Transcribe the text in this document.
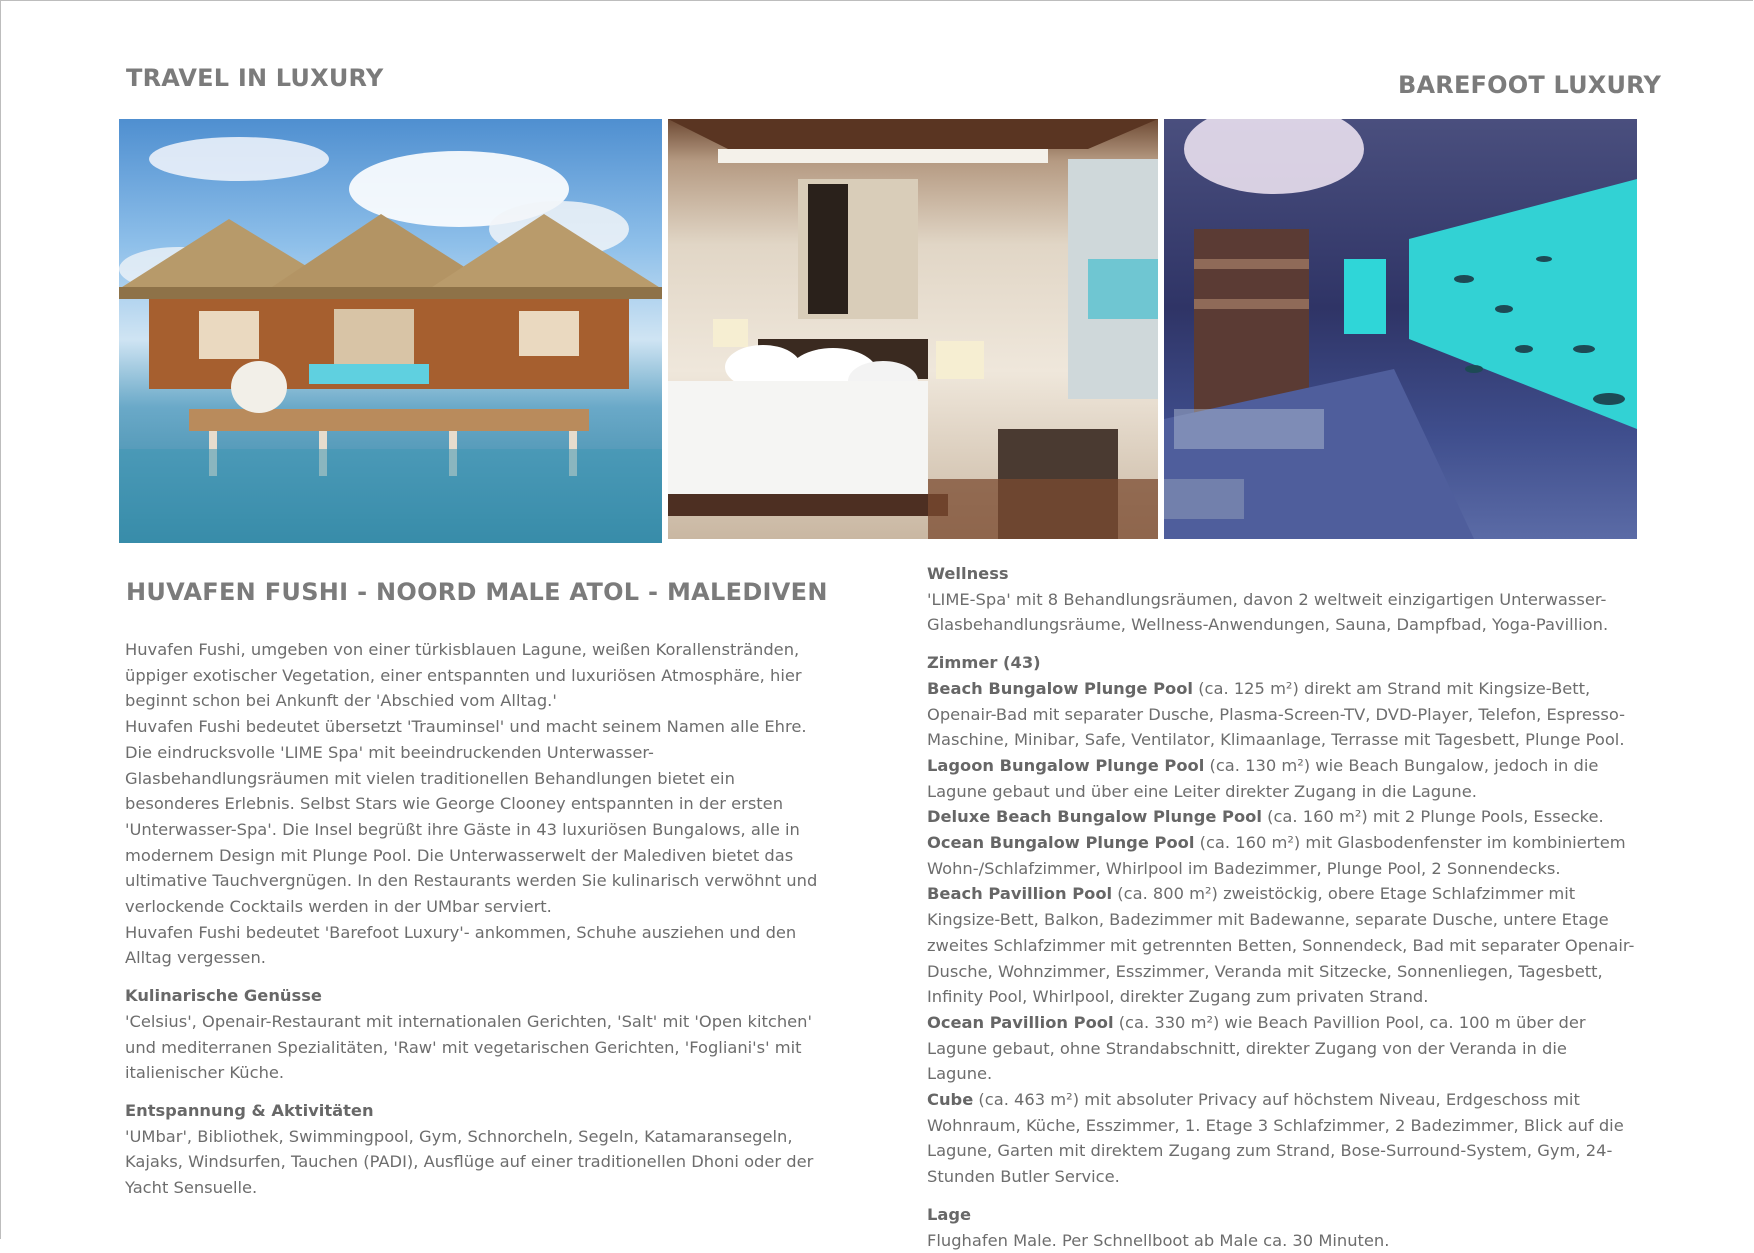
TRAVEL IN LUXURY	BAREFOOT LUXURY
HUVAFEN FUSHI - NOORD MALE ATOL - MALEDIVEN

Huvafen Fushi, umgeben von einer türkisblauen Lagune, weißen Korallenstränden, üppiger exotischer Vegetation, einer entspannten und luxuriösen Atmosphäre, hier beginnt schon bei Ankunft der 'Abschied vom Alltag.'

Huvafen Fushi bedeutet übersetzt 'Trauminsel' und macht seinem Namen alle Ehre. Die eindrucksvolle 'LIME Spa' mit beeindruckenden Unterwasser-Glasbehandlungsräumen mit vielen traditionellen Behandlungen bietet ein besonderes Erlebnis. Selbst Stars wie George Clooney entspannten in der ersten 'Unterwasser-Spa'. Die Insel begrüßt ihre Gäste in 43 luxuriösen Bungalows, alle in modernem Design mit Plunge Pool. Die Unterwasserwelt der Malediven bietet das ultimative Tauchvergnügen. In den Restaurants werden Sie kulinarisch verwöhnt und verlockende Cocktails werden in der UMbar serviert.

Huvafen Fushi bedeutet 'Barefoot Luxury'- ankommen, Schuhe ausziehen und den Alltag vergessen.

Kulinarische Genüsse

'Celsius', Openair-Restaurant mit internationalen Gerichten, 'Salt' mit 'Open kitchen' und mediterranen Spezialitäten, 'Raw' mit vegetarischen Gerichten, 'Fogliani's' mit italienischer Küche.

Entspannung & Aktivitäten

'UMbar', Bibliothek, Swimmingpool, Gym, Schnorcheln, Segeln, Katamaransegeln, Kajaks, Windsurfen, Tauchen (PADI), Ausflüge auf einer traditionellen Dhoni oder der Yacht Sensuelle.

Wellness

'LIME-Spa' mit 8 Behandlungsräumen, davon 2 weltweit einzigartigen Unterwasser-Glasbehandlungsräume, Wellness-Anwendungen, Sauna, Dampfbad, Yoga-Pavillion.

Zimmer (43)

Beach Bungalow Plunge Pool (ca. 125 m²) direkt am Strand mit Kingsize-Bett, Openair-Bad mit separater Dusche, Plasma-Screen-TV, DVD-Player, Telefon, Espresso-Maschine, Minibar, Safe, Ventilator, Klimaanlage, Terrasse mit Tagesbett, Plunge Pool.

Lagoon Bungalow Plunge Pool (ca. 130 m²) wie Beach Bungalow, jedoch in die Lagune gebaut und über eine Leiter direkter Zugang in die Lagune.

Deluxe Beach Bungalow Plunge Pool (ca. 160 m²) mit 2 Plunge Pools, Essecke.

Ocean Bungalow Plunge Pool (ca. 160 m²) mit Glasbodenfenster im kombiniertem Wohn-/Schlafzimmer, Whirlpool im Badezimmer, Plunge Pool, 2 Sonnendecks.

Beach Pavillion Pool (ca. 800 m²) zweistöckig, obere Etage Schlafzimmer mit Kingsize-Bett, Balkon, Badezimmer mit Badewanne, separate Dusche, untere Etage zweites Schlafzimmer mit getrennten Betten, Sonnendeck, Bad mit separater Openair-Dusche, Wohnzimmer, Esszimmer, Veranda mit Sitzecke, Sonnenliegen, Tagesbett, Infinity Pool, Whirlpool, direkter Zugang zum privaten Strand.

Ocean Pavillion Pool (ca. 330 m²) wie Beach Pavillion Pool, ca. 100 m über der Lagune gebaut, ohne Strandabschnitt, direkter Zugang von der Veranda in die Lagune.

Cube (ca. 463 m²) mit absoluter Privacy auf höchstem Niveau, Erdgeschoss mit Wohnraum, Küche, Esszimmer, 1. Etage 3 Schlafzimmer, 2 Badezimmer, Blick auf die Lagune, Garten mit direktem Zugang zum Strand, Bose-Surround-System, Gym, 24-Stunden Butler Service.

Lage

Flughafen Male. Per Schnellboot ab Male ca. 30 Minuten.
